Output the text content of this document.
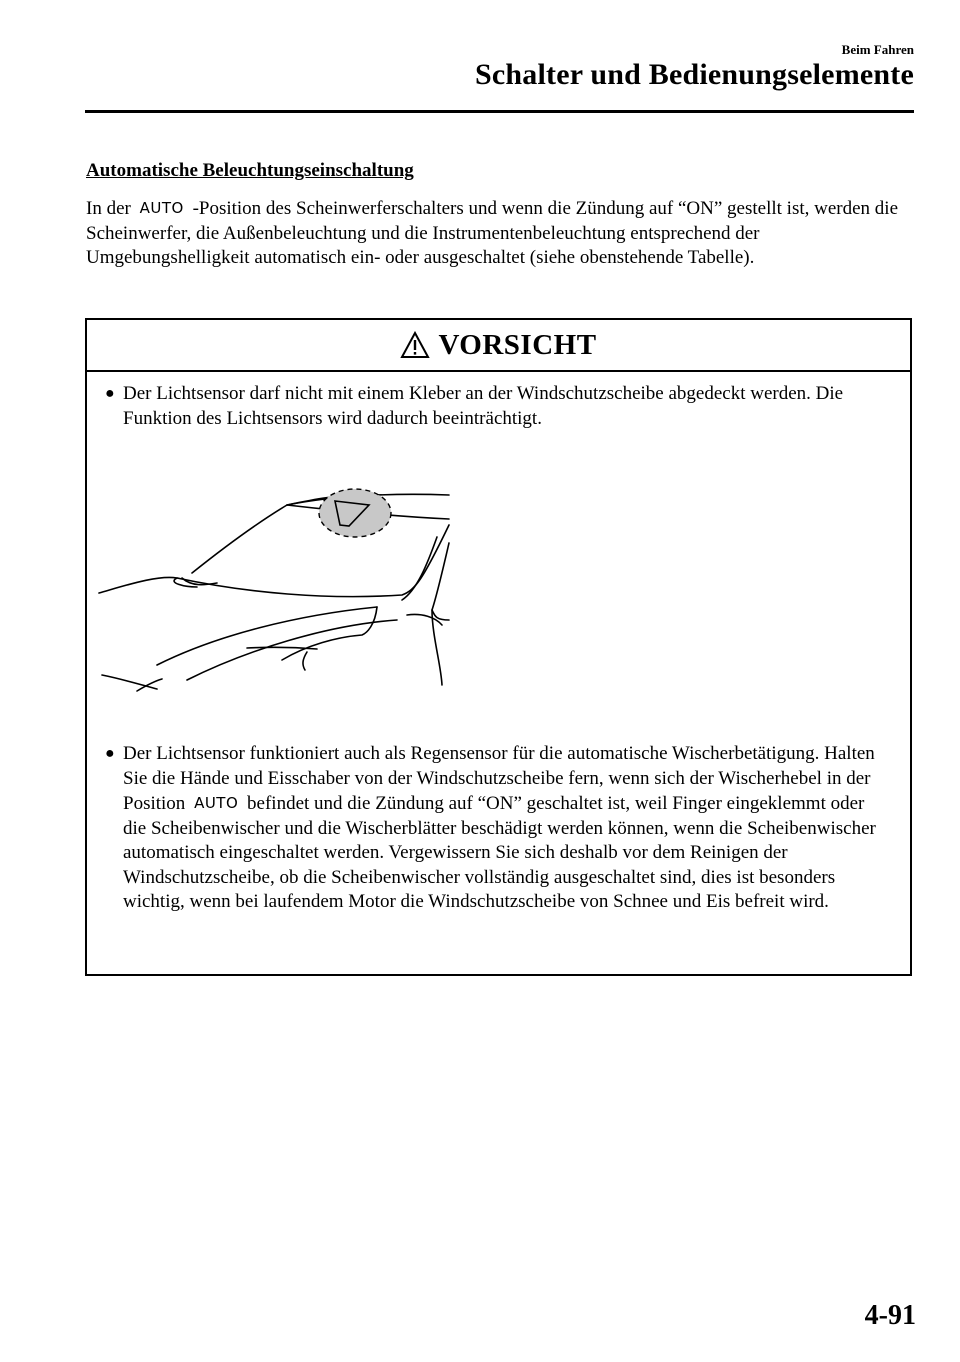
Beim Fahren

Schalter und Bedienungselemente
Automatische Beleuchtungseinschaltung

In der AUTO -Position des Scheinwerferschalters und wenn die Zündung auf “ON” gestellt ist, werden die Scheinwerfer, die Außenbeleuchtung und die Instrumentenbeleuchtung entsprechend der Umgebungshelligkeit automatisch ein- oder ausgeschaltet (siehe obenstehende Tabelle).

VORSICHT

● Der Lichtsensor darf nicht mit einem Kleber an der Windschutzscheibe abgedeckt werden. Die Funktion des Lichtsensors wird dadurch beeinträchtigt.

● Der Lichtsensor funktioniert auch als Regensensor für die automatische Wischerbetätigung. Halten Sie die Hände und Eisschaber von der Windschutzscheibe fern, wenn sich der Wischerhebel in der Position AUTO befindet und die Zündung auf “ON” geschaltet ist, weil Finger eingeklemmt oder die Scheibenwischer und die Wischerblätter beschädigt werden können, wenn die Scheibenwischer automatisch eingeschaltet werden. Vergewissern Sie sich deshalb vor dem Reinigen der Windschutzscheibe, ob die Scheibenwischer vollständig ausgeschaltet sind, dies ist besonders wichtig, wenn bei laufendem Motor die Windschutzscheibe von Schnee und Eis befreit wird.

4-91
